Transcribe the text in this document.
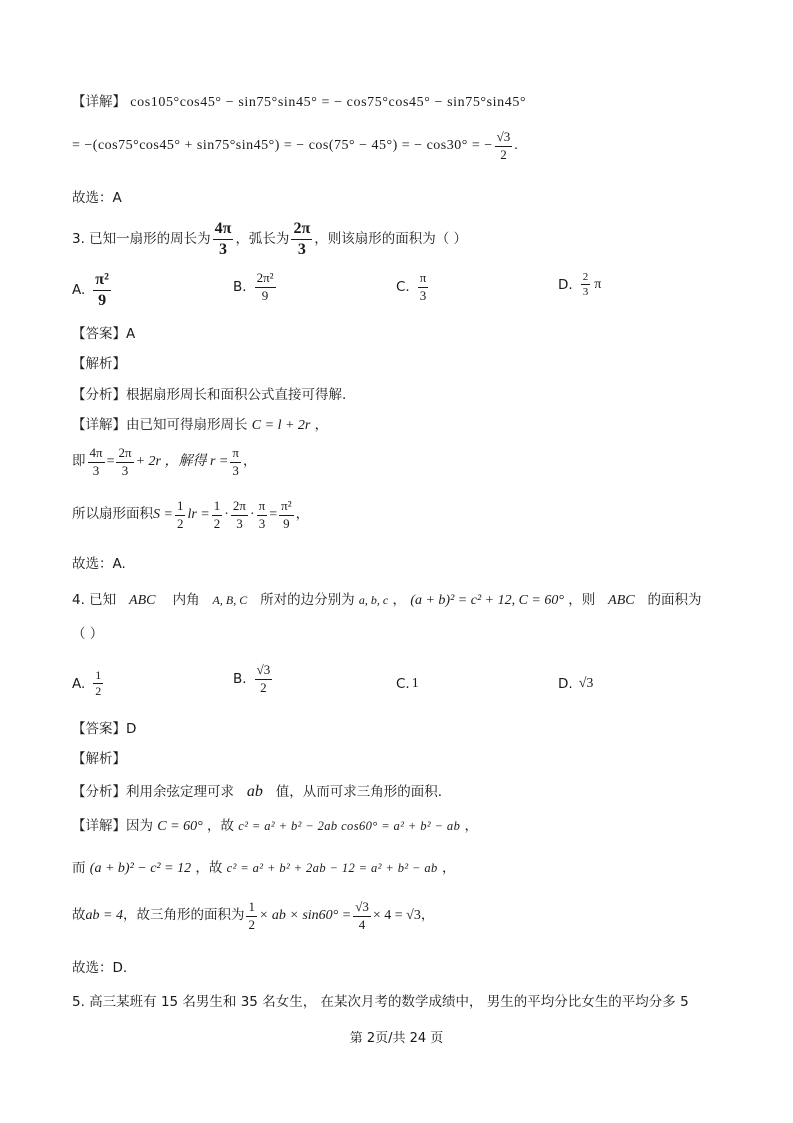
【详解】 cos105°cos45° − sin75°sin45° = − cos75°cos45° − sin75°sin45°
= −(cos75°cos45° + sin75°sin45°) = − cos(75° − 45°) = − cos30° = − $\frac{√3}{2}$ .
故选：A
3. 已知一扇形的周长为 $\frac{4\pi}{3}$ ，弧长为 $\frac{2\pi}{3}$ ，则该扇形的面积为（ ）
A. $\frac{\text{π²}}{9}$	B. $\frac{\text{2π²}}{9}$	C. $\frac{\pi}{3}$	D. $\frac{2}{3}$ π
【答案】A
【解析】
【分析】根据扇形周长和面积公式直接可得解.
【详解】由已知可得扇形周长 C = l + 2r ，
即 $\frac{4\pi}{3} = \frac{2\pi}{3} + 2r$ ，解得 $r = \frac{\pi}{3}$ ，
所以扇形面积 $S = \frac{1}{2}$ lr = $\frac{1}{2} \cdot \frac{2\pi}{3} \cdot \frac{\pi}{3} = \frac{\text{π²}}{9}$ ，
故选：A.
4. 已知 ABC 内角 A, B, C 所对的边分别为 a, b, c ， (a + b)² = c² + 12, C = 60° ，则 ABC 的面积为
（ ）
A. $\frac{1}{2}$	B. $\frac{√3}{2}$	C. 1	D. √3
【答案】D
【解析】
【分析】利用余弦定理可求 ab 值，从而可求三角形的面积.
【详解】因为 C = 60° ，故 c² = a² + b² − 2ab cos60° = a² + b² − ab ，
而 (a + b)² − c² = 12 ，故 c² = a² + b² + 2ab − 12 = a² + b² − ab ，
故 ab = 4 ，故三角形的面积为 $\frac{1}{2}$ × ab × $\sin 60^\circ = \frac{√3}{4} \times 4 = √3$ ，
故选：D.
5. 高三某班有 15 名男生和 35 名女生， 在某次月考的数学成绩中， 男生的平均分比女生的平均分多 5
第 2页/共 24 页
